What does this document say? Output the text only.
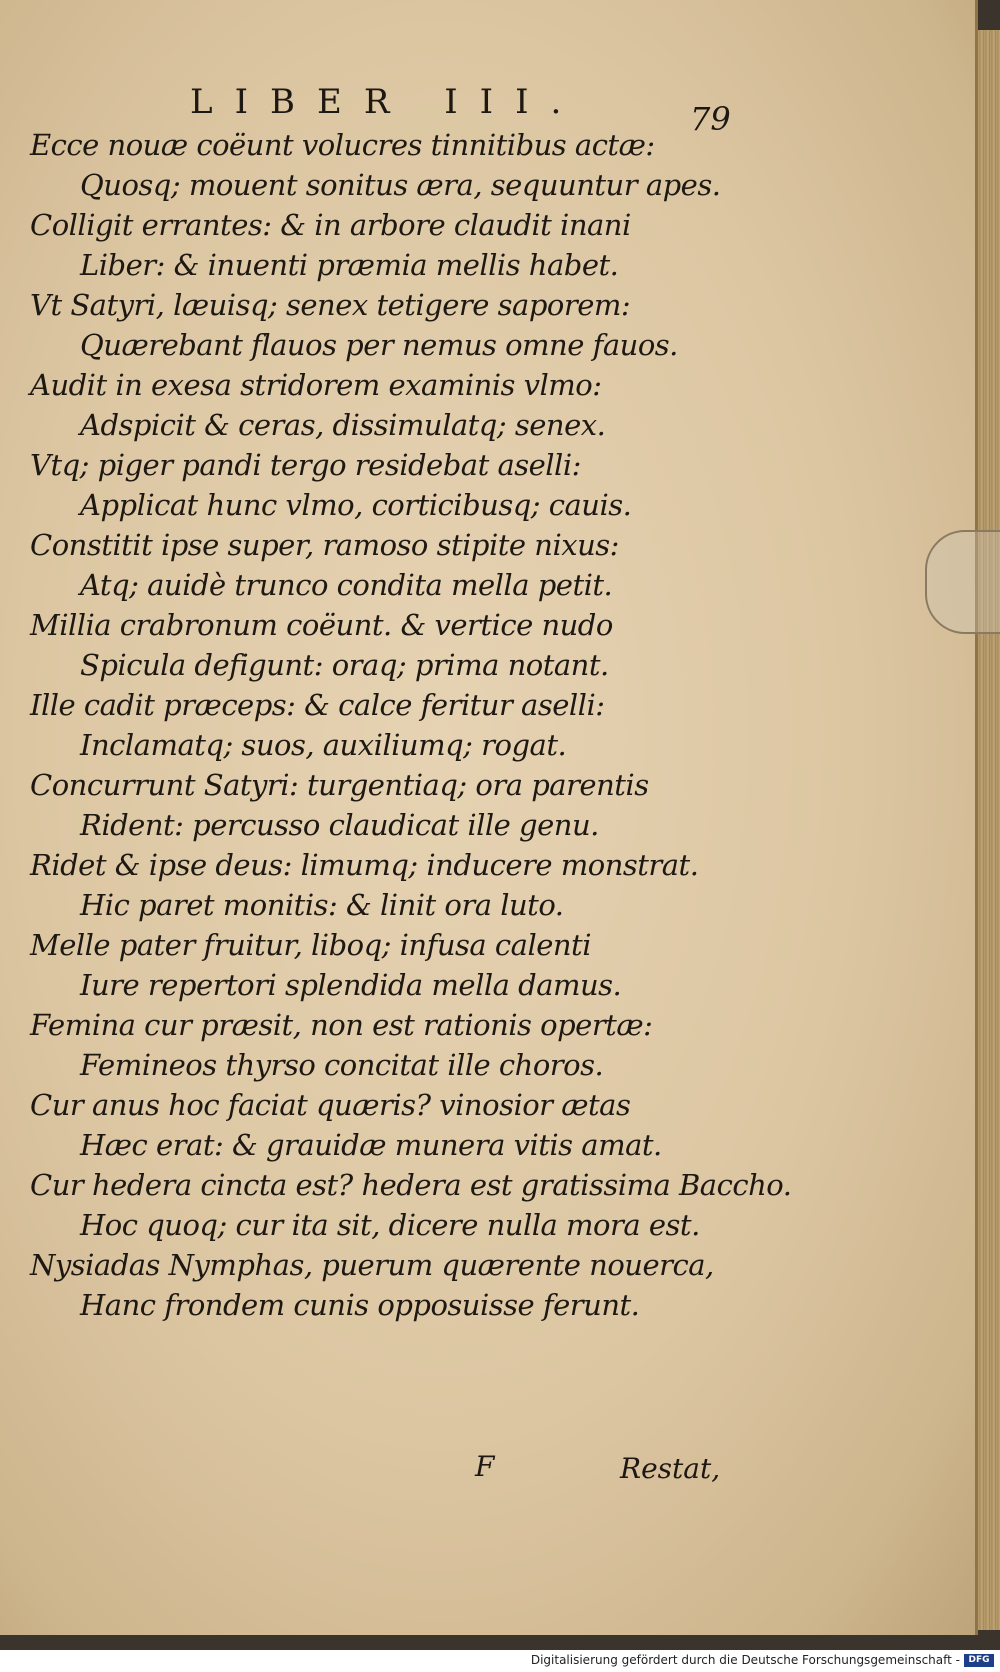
LIBER III.	79
Ecce nouæ coëunt volucres tinnitibus actæ:
Quosq; mouent sonitus æra, sequuntur apes.
Colligit errantes: & in arbore claudit inani
Liber: & inuenti præmia mellis habet.
Vt Satyri, læuisq; senex tetigere saporem:
Quærebant flauos per nemus omne fauos.
Audit in exesa stridorem examinis vlmo:
Adspicit & ceras, dissimulatq; senex.
Vtq; piger pandi tergo residebat aselli:
Applicat hunc vlmo, corticibusq; cauis.
Constitit ipse super, ramoso stipite nixus:
Atq; auidè trunco condita mella petit.
Millia crabronum coëunt. & vertice nudo
Spicula defigunt: oraq; prima notant.
Ille cadit præceps: & calce feritur aselli:
Inclamatq; suos, auxiliumq; rogat.
Concurrunt Satyri: turgentiaq; ora parentis
Rident: percusso claudicat ille genu.
Ridet & ipse deus: limumq; inducere monstrat.
Hic paret monitis: & linit ora luto.
Melle pater fruitur, liboq; infusa calenti
Iure repertori splendida mella damus.
Femina cur præsit, non est rationis opertæ:
Femineos thyrso concitat ille choros.
Cur anus hoc faciat quæris? vinosior ætas
Hæc erat: & grauidæ munera vitis amat.
Cur hedera cincta est? hedera est gratissima Baccho.
Hoc quoq; cur ita sit, dicere nulla mora est.
Nysiadas Nymphas, puerum quærente nouerca,
Hanc frondem cunis opposuisse ferunt.
F	Restat,
Digitalisierung gefördert durch die Deutsche Forschungsgemeinschaft - DFG
